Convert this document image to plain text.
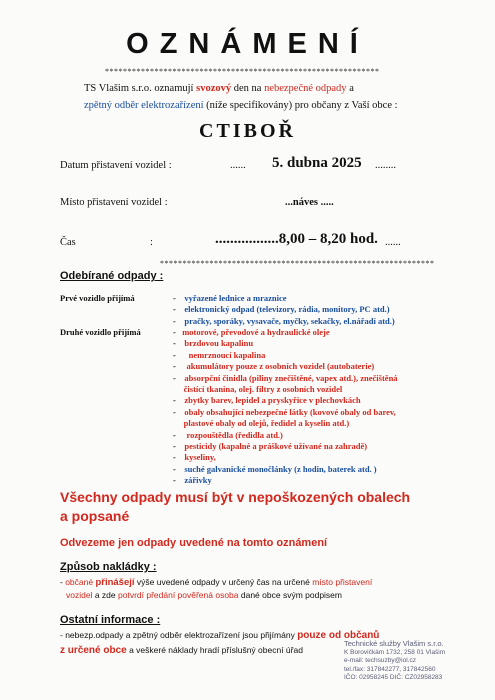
OZNÁMENÍ
*************************************************************
TS Vlašim s.r.o. oznamují svozový den na nebezpečné odpady a
zpětný odběr elektrozařízení (níže specifikovány) pro občany z Vaší obce :
CTIBOŘ
Datum přistavení vozidel :	...... 5. dubna 2025 ........
Místo přistavení vozidel :	...náves .....
Čas	:	.................8,00 – 8,20 hod. ......
*************************************************************
Odebírané odpady :
Prvé vozidlo přijímá	-    vyřazené lednice a mraznice
-    elektronický odpad (televizory, rádia, monitory, PC atd.)
-    pračky, sporáky, vysavače, myčky, sekačky, el.nářadí atd.)
Druhé vozidlo přijímá	-   motorové, převodové a hydraulické oleje
-    brzdovou kapalinu
-      nemrznoucí kapalina
-     akumulátory pouze z osobních vozidel (autobaterie)
-    absorpční činidla (piliny znečištěné, vapex atd.), znečištěná
čistící tkanina, olej. filtry z osobních vozidel
-    zbytky barev, lepidel a pryskyřice v plechovkách
-    obaly obsahující nebezpečné látky (kovové obaly od barev,
plastové obaly od olejů, ředidel a kyselin atd.)
-     rozpouštědla (ředidla atd.)
-    pesticidy (kapalné a práškové užívané na zahradě)
-    kyseliny,
-    suché galvanické monočlánky (z hodin, baterek atd. )
-    zářivky
Všechny odpady musí být v nepoškozených obalech
a popsané
Odvezeme jen odpady uvedené na tomto oznámení
Způsob nakládky :
- občané přinášejí výše uvedené odpady v určený čas na určené místo přistavení
vozidel a zde potvrdí předání pověřená osoba dané obce svým podpisem
Ostatní informace :
- nebezp.odpady a zpětný odběr elektrozařízení jsou přijímány pouze od občanů
z určené obce a veškeré náklady hradí příslušný obecní úřad
Technické služby Vlašim s.r.o.
K Borovičkám 1732, 258 01 Vlašim
e-mail: techsuzby@iol.cz
tel./fax: 317842277, 317842560
IČO: 02958245 DIČ: CZ02958283
